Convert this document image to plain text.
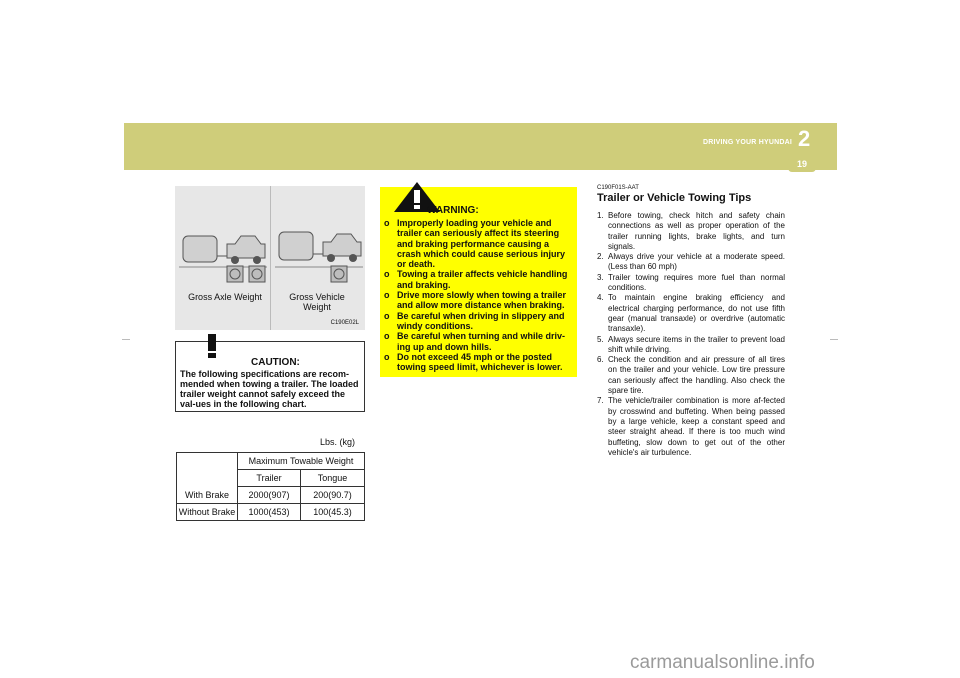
2
DRIVING YOUR HYUNDAI
19
Gross Axle Weight	Gross Vehicle
Weight
C190E02L
CAUTION:
The following specifications are recom-mended when towing a trailer. The loaded trailer weight cannot safely exceed the val-ues in the following chart.
Lbs. (kg)
	Maximum Towable Weight	
	Trailer	Tongue
With Brake	2000(907)	200(90.7)
Without Brake	1000(453)	100(45.3)
WARNING:
o Improperly loading your vehicle and trailer can seriously affect its steering and braking performance causing a crash which could cause serious injury or death.
o Towing a trailer affects vehicle handling and braking.
o Drive more slowly when towing a trailer and allow more distance when braking.
o Be careful when driving in slippery and windy conditions.
o Be careful when turning and while driv-ing up and down hills.
o Do not exceed 45 mph or the posted towing speed limit, whichever is lower.
C190F01S-AAT
Trailer or Vehicle Towing Tips
1. Before towing, check hitch and safety chain connections as well as proper operation of the trailer running lights, brake lights, and turn signals.
2. Always drive your vehicle at a moderate speed. (Less than 60 mph)
3. Trailer towing requires more fuel than normal conditions.
4. To maintain engine braking efficiency and electrical charging performance, do not use fifth gear (manual transaxle) or overdrive (automatic transaxle).
5. Always secure items in the trailer to prevent load shift while driving.
6. Check the condition and air pressure of all tires on the trailer and your vehicle. Low tire pressure can seriously affect the handling. Also check the spare tire.
7. The vehicle/trailer combination is more af-fected by crosswind and buffeting. When being passed by a large vehicle, keep a constant speed and steer straight ahead. If there is too much wind buffeting, slow down to get out of the other vehicle's air turbulence.
carmanualsonline.info
